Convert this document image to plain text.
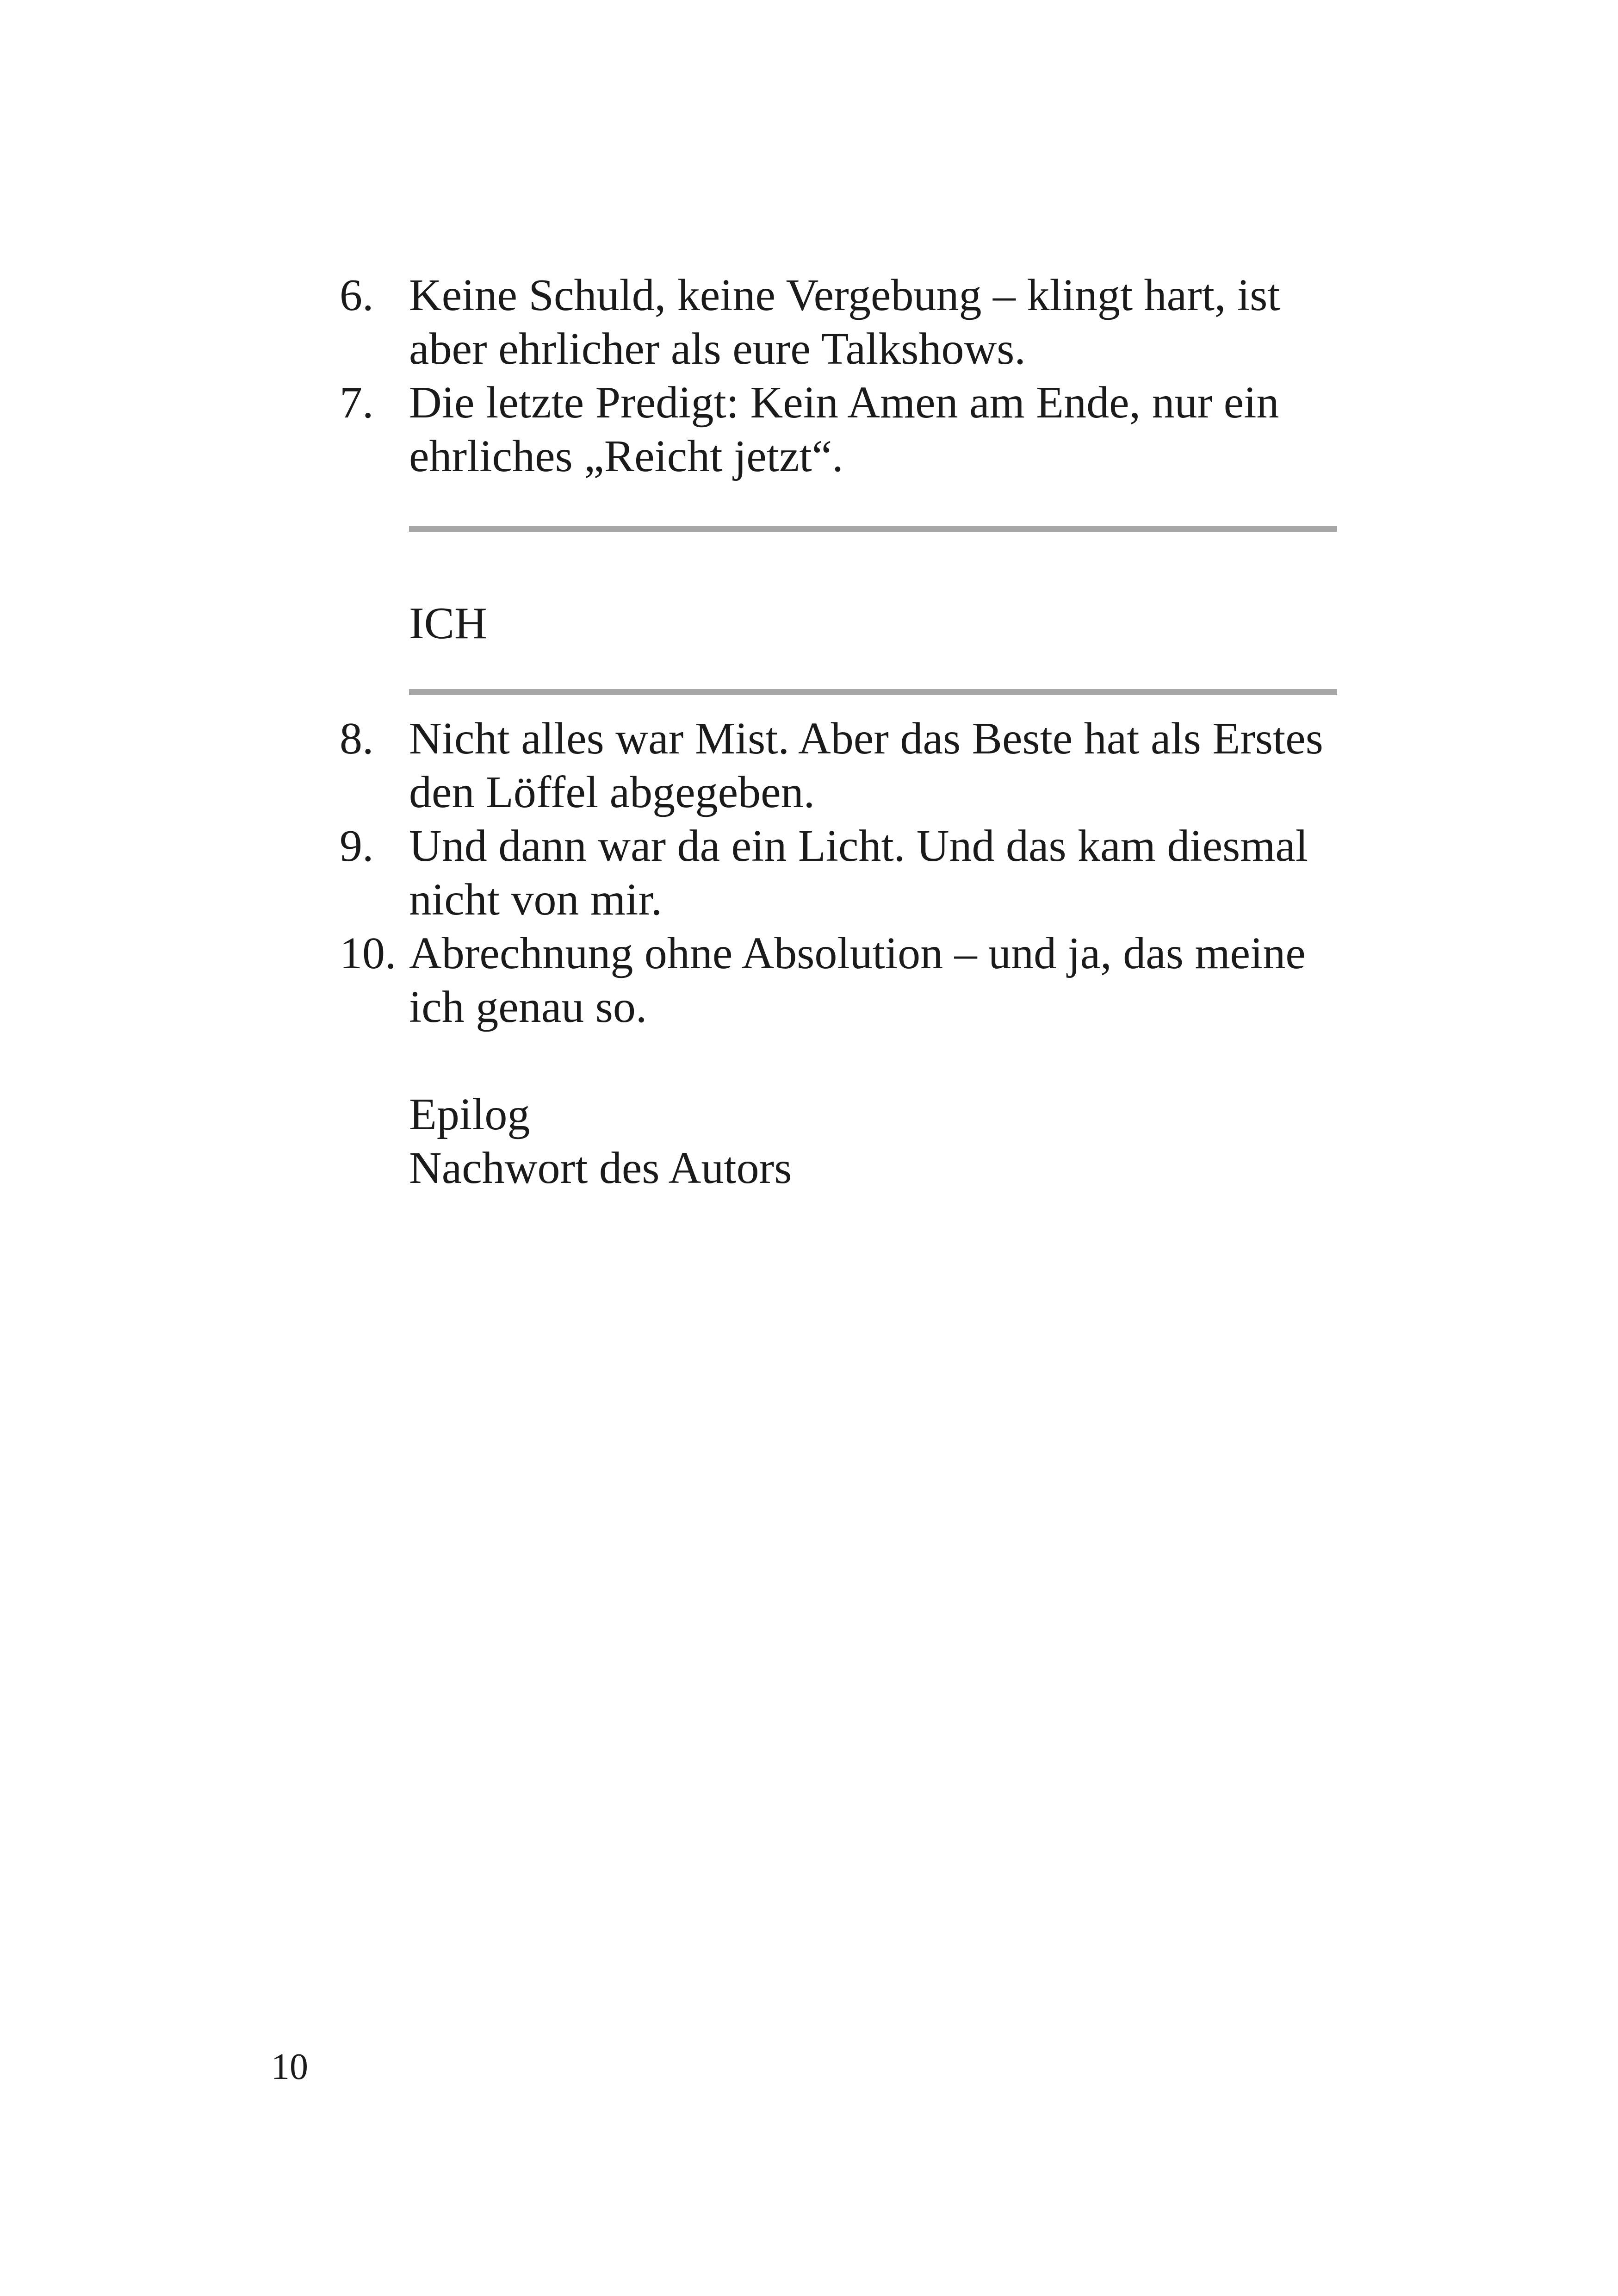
6. Keine Schuld, keine Vergebung – klingt hart, ist aber ehrlicher als eure Talkshows.
7. Die letzte Predigt: Kein Amen am Ende, nur ein ehrliches „Reicht jetzt“.
ICH
8. Nicht alles war Mist. Aber das Beste hat als Erstes den Löffel abgegeben.
9. Und dann war da ein Licht. Und das kam diesmal nicht von mir.
10. Abrechnung ohne Absolution – und ja, das meine ich genau so.
Epilog
Nachwort des Autors
10
